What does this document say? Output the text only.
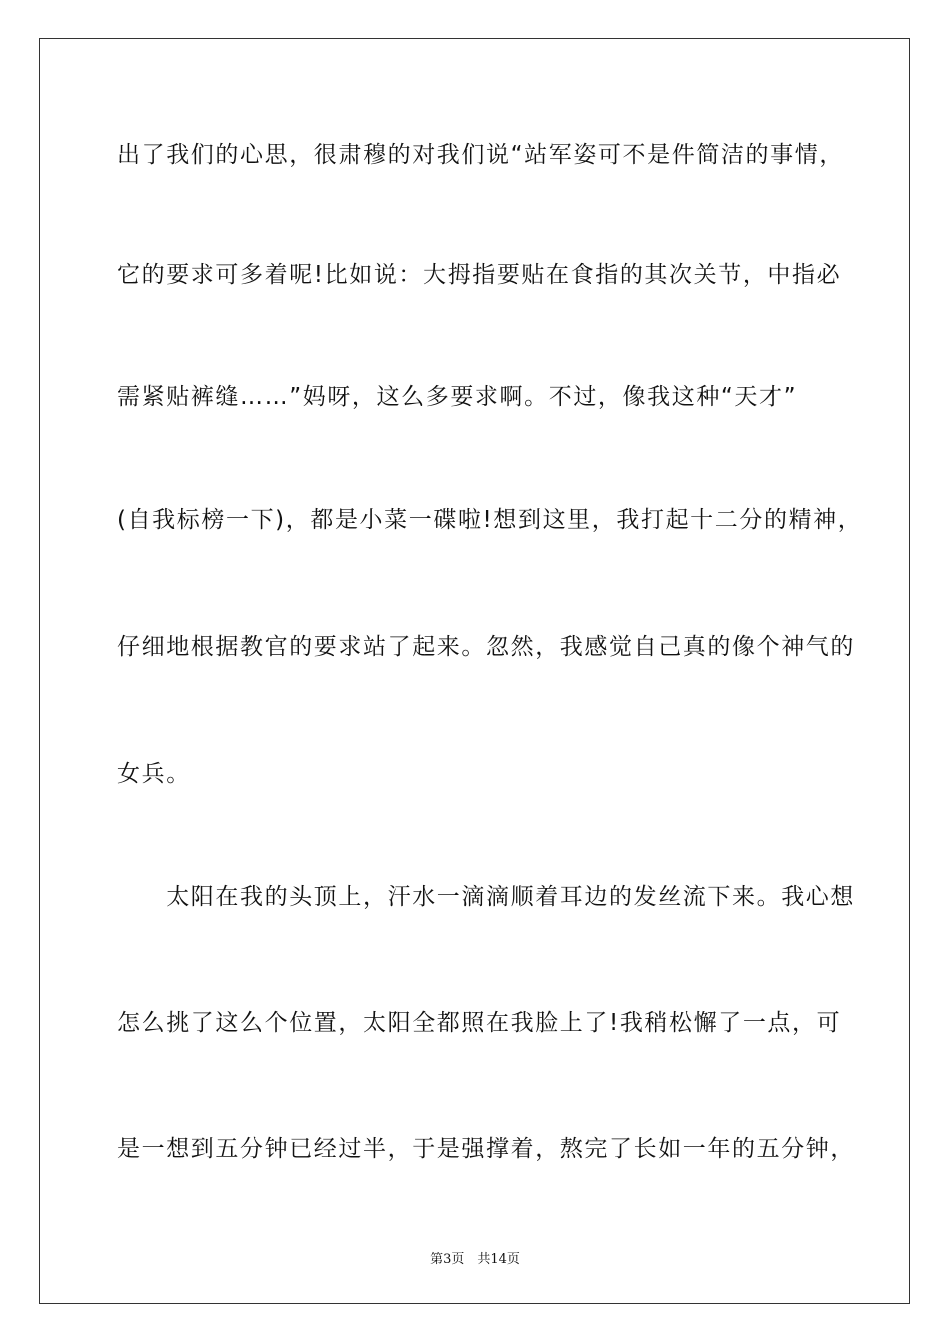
出了我们的心思，很肃穆的对我们说“站军姿可不是件简洁的事情，
它的要求可多着呢!比如说：大拇指要贴在食指的其次关节，中指必
需紧贴裤缝……”妈呀，这么多要求啊。不过，像我这种“天才”
(自我标榜一下)，都是小菜一碟啦!想到这里，我打起十二分的精神，
仔细地根据教官的要求站了起来。忽然，我感觉自己真的像个神气的
女兵。
　　太阳在我的头顶上，汗水一滴滴顺着耳边的发丝流下来。我心想
怎么挑了这么个位置，太阳全都照在我脸上了!我稍松懈了一点，可
是一想到五分钟已经过半，于是强撑着，熬完了长如一年的五分钟，
第3页　共14页
